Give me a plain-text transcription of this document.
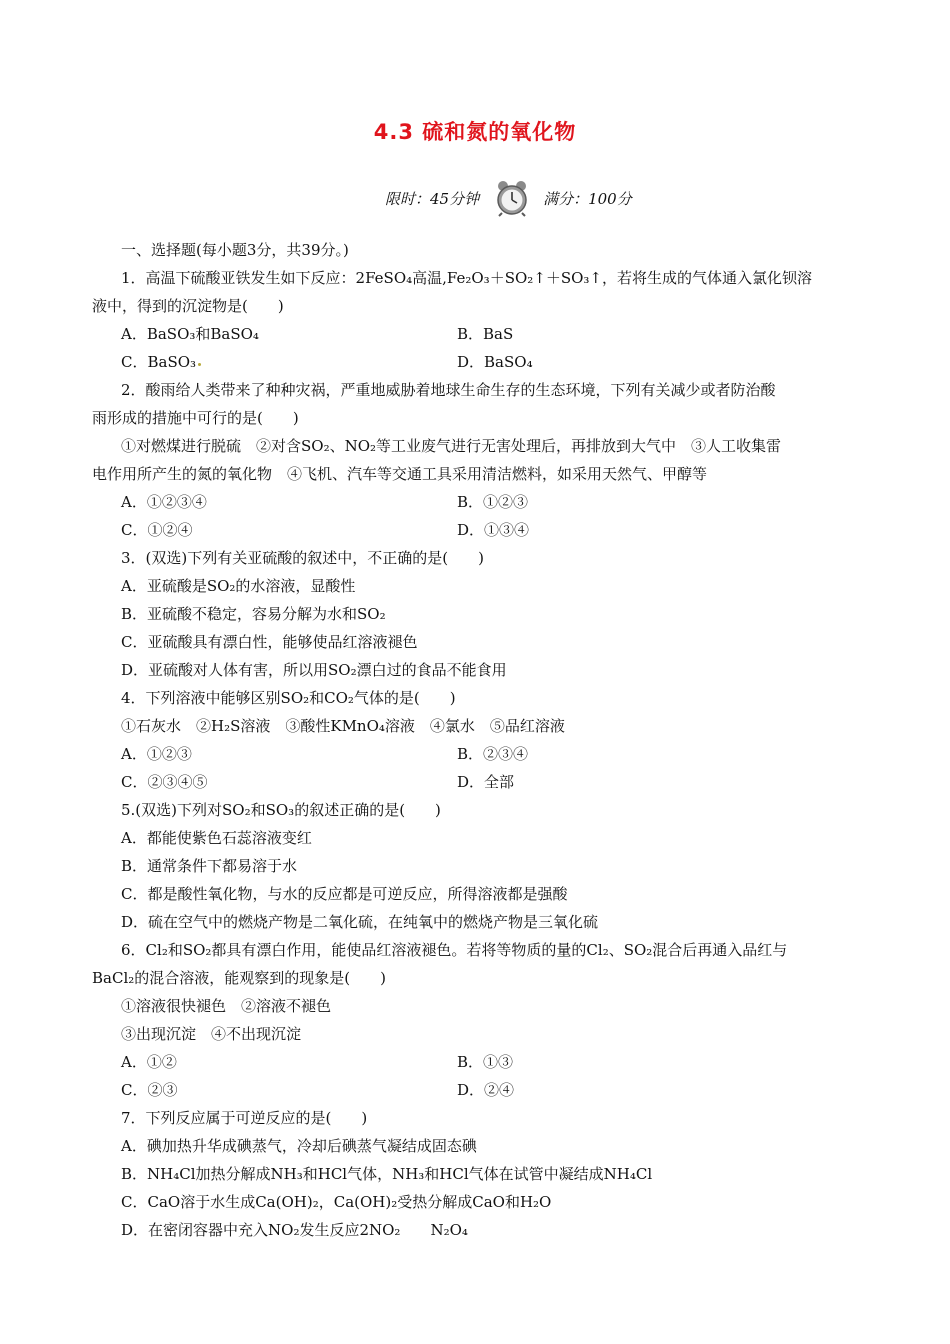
4.3 硫和氮的氧化物
限时：45分钟	满分：100分
一、选择题(每小题3分，共39分。)
1．高温下硫酸亚铁发生如下反应：2FeSO₄高温,Fe₂O₃＋SO₂↑＋SO₃↑，若将生成的气体通入氯化钡溶
液中，得到的沉淀物是(　　)
A．BaSO₃和BaSO₄	B．BaS
C．BaSO₃	D．BaSO₄
2．酸雨给人类带来了种种灾祸，严重地威胁着地球生命生存的生态环境，下列有关减少或者防治酸
雨形成的措施中可行的是(　　)
①对燃煤进行脱硫　②对含SO₂、NO₂等工业废气进行无害处理后，再排放到大气中　③人工收集雷
电作用所产生的氮的氧化物　④飞机、汽车等交通工具采用清洁燃料，如采用天然气、甲醇等
A．①②③④	B．①②③
C．①②④	D．①③④
3．(双选)下列有关亚硫酸的叙述中，不正确的是(　　)
A．亚硫酸是SO₂的水溶液，显酸性
B．亚硫酸不稳定，容易分解为水和SO₂
C．亚硫酸具有漂白性，能够使品红溶液褪色
D．亚硫酸对人体有害，所以用SO₂漂白过的食品不能食用
4．下列溶液中能够区别SO₂和CO₂气体的是(　　)
①石灰水　②H₂S溶液　③酸性KMnO₄溶液　④氯水　⑤品红溶液
A．①②③	B．②③④
C．②③④⑤	D．全部
5.(双选)下列对SO₂和SO₃的叙述正确的是(　　)
A．都能使紫色石蕊溶液变红
B．通常条件下都易溶于水
C．都是酸性氧化物，与水的反应都是可逆反应，所得溶液都是强酸
D．硫在空气中的燃烧产物是二氧化硫，在纯氧中的燃烧产物是三氧化硫
6．Cl₂和SO₂都具有漂白作用，能使品红溶液褪色。若将等物质的量的Cl₂、SO₂混合后再通入品红与
BaCl₂的混合溶液，能观察到的现象是(　　)
①溶液很快褪色　②溶液不褪色
③出现沉淀　④不出现沉淀
A．①②	B．①③
C．②③	D．②④
7．下列反应属于可逆反应的是(　　)
A．碘加热升华成碘蒸气，冷却后碘蒸气凝结成固态碘
B．NH₄Cl加热分解成NH₃和HCl气体，NH₃和HCl气体在试管中凝结成NH₄Cl
C．CaO溶于水生成Ca(OH)₂，Ca(OH)₂受热分解成CaO和H₂O
D．在密闭容器中充入NO₂发生反应2NO₂　　N₂O₄
